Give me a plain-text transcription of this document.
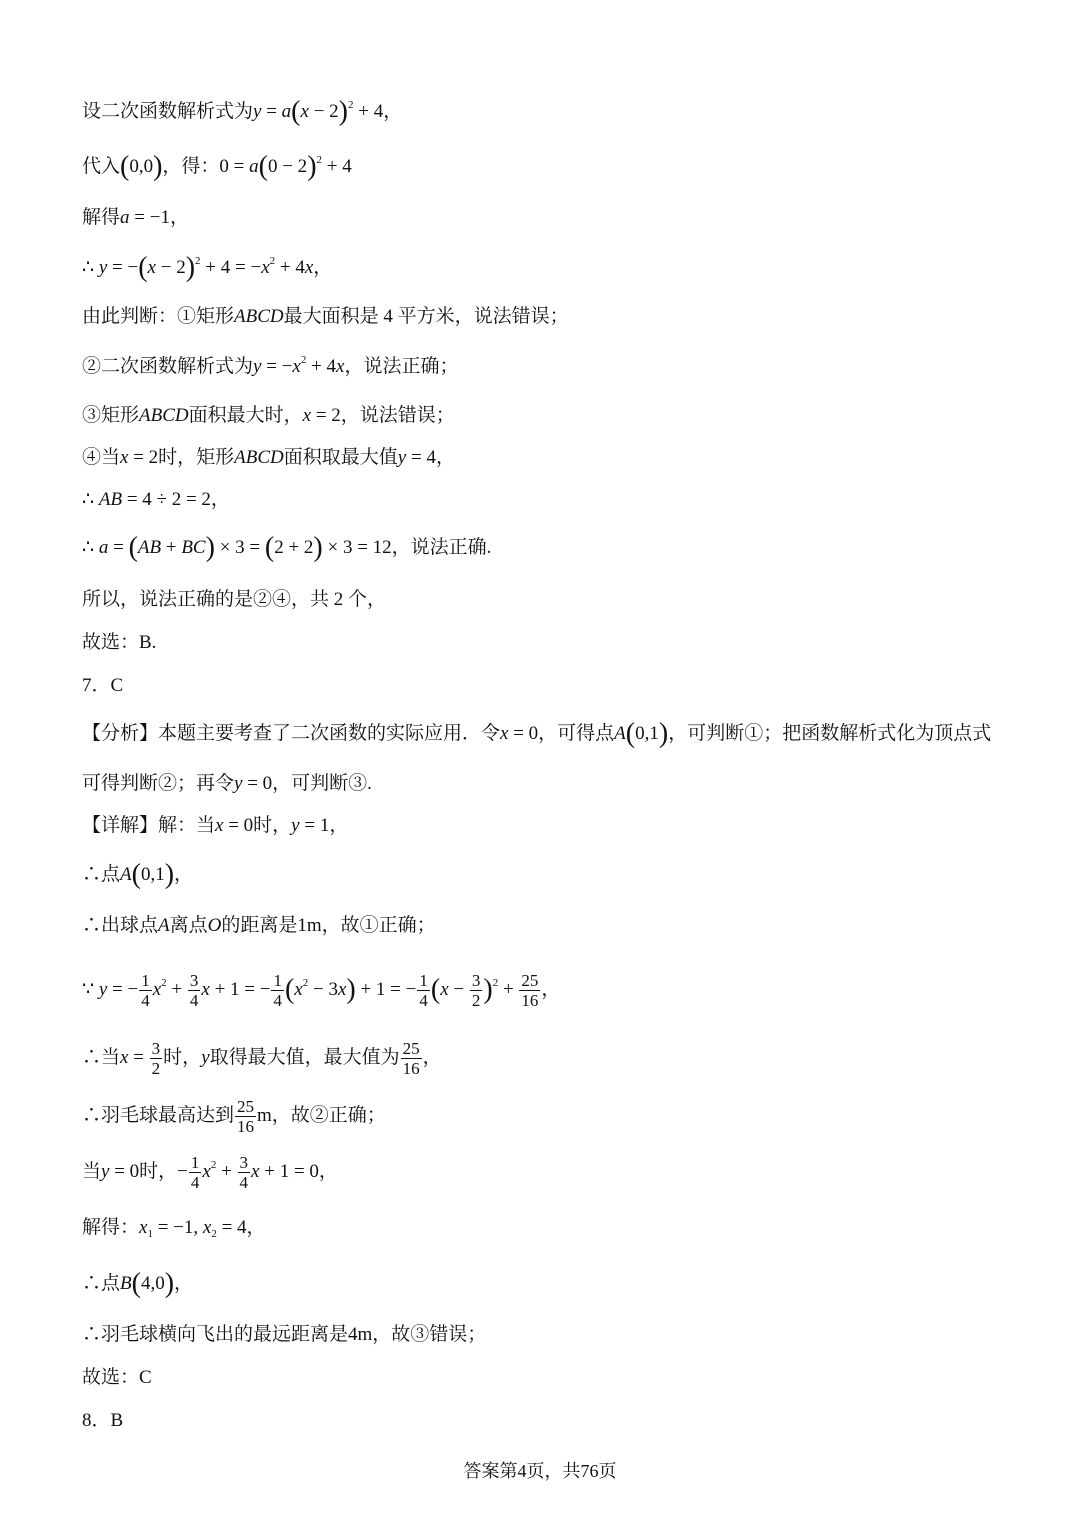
设二次函数解析式为$y = a(x - 2)^2 + 4$，
代入(0,0)，得：$0 = a(0 - 2)^2 + 4$
解得a = −1，
∴ $y = -(x - 2)^2 + 4 = -x^2 + 4x$，
由此判断：①矩形ABCD最大面积是 4 平方米，说法错误；
②二次函数解析式为$y = -x^2 + 4x$，说法正确；
③矩形ABCD面积最大时，x = 2，说法错误；
④当x = 2时，矩形ABCD面积取最大值y = 4，
∴ AB = 4 ÷ 2 = 2，
∴ a = (AB + BC) × 3 = (2 + 2) × 3 = 12，说法正确.
所以，说法正确的是②④，共 2 个，
故选：B.
7．C
【分析】本题主要考查了二次函数的实际应用．令x = 0，可得点A(0,1)，可判断①；把函数解析式化为顶点式
可得判断②；再令y = 0，可判断③.
【详解】解：当x = 0时，y = 1，
∴点A(0,1)，
∴出球点A离点O的距离是1m，故①正确；
∵ y = − $\frac{1}{4} x^2 + \frac{3}{4}$ x + 1 = − $\frac{1}{4} (x^2 - 3x) + 1$ = − $\frac{1}{4} (x - \frac{3}{2} )^2 + \frac{25}{16}$ ，
∴当$x = \frac{3}{2}$ 时，y取得最大值，最大值为 $\frac{25}{16}$ ，
∴羽毛球最高达到 $\frac{25}{16}$ m，故②正确；
当y = 0时，− $\frac{1}{4} x^2 + \frac{3}{4}$ x + 1 = 0，
解得：$x_1 = -1$, $x_2 = 4$，
∴点B(4,0)，
∴羽毛球横向飞出的最远距离是4m，故③错误；
故选：C
8．B
答案第4页，共76页
